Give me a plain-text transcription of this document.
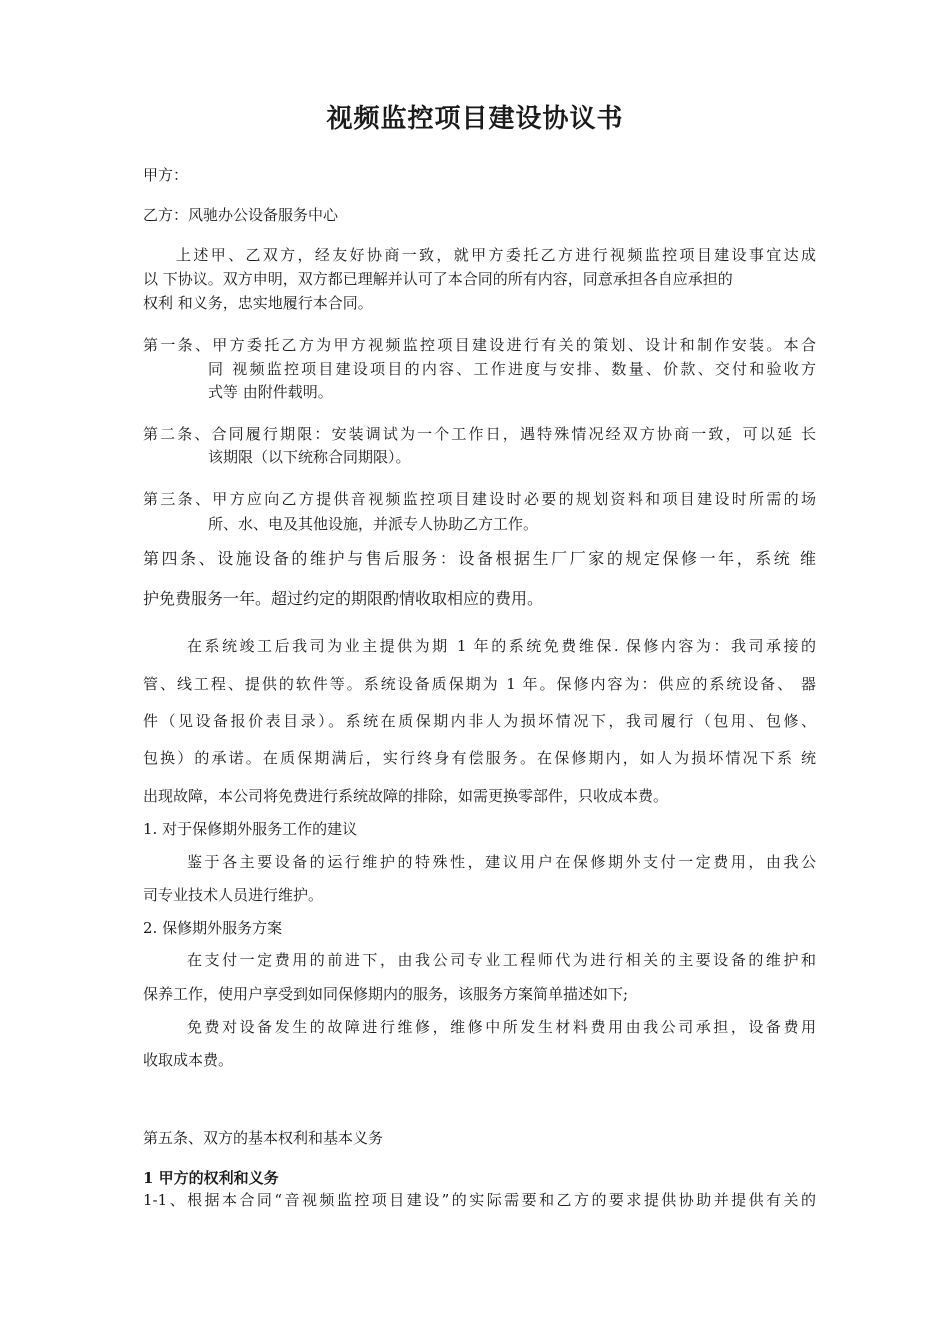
视频监控项目建设协议书
甲方：
乙方：风驰办公设备服务中心
上述甲、乙双方，经友好协商一致，就甲方委托乙方进行视频监控项目建设事宜达成
以 下协议。双方申明，双方都已理解并认可了本合同的所有内容，同意承担各自应承担的
权利 和义务，忠实地履行本合同。
第一条、甲方委托乙方为甲方视频监控项目建设进行有关的策划、设计和制作安装。本合
同 视频监控项目建设项目的内容、工作进度与安排、数量、价款、交付和验收方
式等 由附件载明。
第二条、合同履行期限：安装调试为一个工作日，遇特殊情况经双方协商一致，可以延 长
该期限（以下统称合同期限）。
第三条、甲方应向乙方提供音视频监控项目建设时必要的规划资料和项目建设时所需的场
所、水、电及其他设施，并派专人协助乙方工作。
第四条、设施设备的维护与售后服务：设备根据生厂厂家的规定保修一年，系统 维
护免费服务一年。超过约定的期限酌情收取相应的费用。
在系统竣工后我司为业主提供为期 1 年的系统免费维保. 保修内容为：我司承接的
管、线工程、提供的软件等。系统设备质保期为 1 年。保修内容为：供应的系统设备、 器
件（见设备报价表目录）。系统在质保期内非人为损坏情况下，我司履行（包用、包修、
包换）的承诺。在质保期满后，实行终身有偿服务。在保修期内，如人为损坏情况下系 统
出现故障，本公司将免费进行系统故障的排除，如需更换零部件，只收成本费。
1. 对于保修期外服务工作的建议
鉴于各主要设备的运行维护的特殊性，建议用户在保修期外支付一定费用，由我公
司专业技术人员进行维护。
2. 保修期外服务方案
在支付一定费用的前进下，由我公司专业工程师代为进行相关的主要设备的维护和
保养工作，使用户享受到如同保修期内的服务，该服务方案简单描述如下;
免费对设备发生的故障进行维修，维修中所发生材料费用由我公司承担，设备费用
收取成本费。
第五条、双方的基本权利和基本义务
1 甲方的权利和义务
1-1、根据本合同“音视频监控项目建设”的实际需要和乙方的要求提供协助并提供有关的
